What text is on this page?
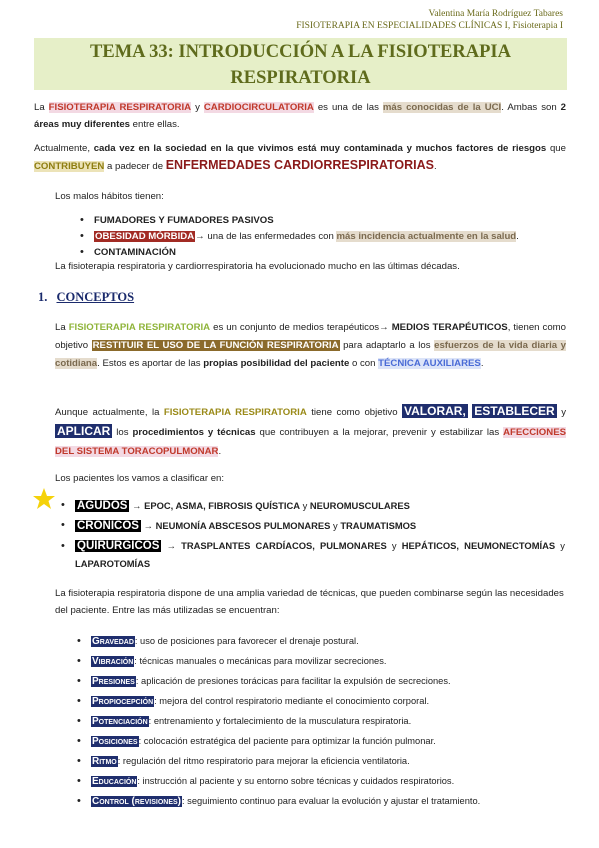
Valentina María Rodríguez Tabares
FISIOTERAPIA EN ESPECIALIDADES CLÍNICAS I, Fisioterapia I
TEMA 33: INTRODUCCIÓN A LA FISIOTERAPIA
RESPIRATORIA

La FISIOTERAPIA RESPIRATORIA y CARDIOCIRCULATORIA es una de las más conocidas de la UCI. Ambas son 2 áreas muy diferentes entre ellas.

Actualmente, cada vez en la sociedad en la que vivimos está muy contaminada y muchos factores de riesgos que CONTRIBUYEN a padecer de ENFERMEDADES CARDIORRESPIRATORIAS.

Los malos hábitos tienen:

• FUMADORES Y FUMADORES PASIVOS
• OBESIDAD MÓRBIDA→ una de las enfermedades con más incidencia actualmente en la salud.
• CONTAMINACIÓN

La fisioterapia respiratoria y cardiorrespiratoria ha evolucionado mucho en las últimas décadas.

1. CONCEPTOS

La FISIOTERAPIA RESPIRATORIA es un conjunto de medios terapéuticos→ MEDIOS TERAPÉUTICOS, tienen como objetivo RESTITUIR EL USO DE LA FUNCIÓN RESPIRATORIA para adaptarlo a los esfuerzos de la vida diaria y cotidiana. Estos es aportar de las propias posibilidad del paciente o con TÉCNICA AUXILIARES.

Aunque actualmente, la FISIOTERAPIA RESPIRATORIA tiene como objetivo VALORAR, ESTABLECER y APLICAR los procedimientos y técnicas que contribuyen a la mejorar, prevenir y estabilizar las AFECCIONES DEL SISTEMA TORACOPULMONAR.

Los pacientes los vamos a clasificar en:

• AGUDOS → EPOC, ASMA, FIBROSIS QUÍSTICA y NEUROMUSCULARES
• CRÓNICOS → NEUMONÍA ABSCESOS PULMONARES y TRAUMATISMOS
• QUIRÚRGICOS → TRASPLANTES CARDÍACOS, PULMONARES y HEPÁTICOS, NEUMONECTOMÍAS y LAPAROTOMÍAS

La fisioterapia respiratoria dispone de una amplia variedad de técnicas, que pueden combinarse según las necesidades del paciente. Entre las más utilizadas se encuentran:

• Gravedad: uso de posiciones para favorecer el drenaje postural.
• Vibración: técnicas manuales o mecánicas para movilizar secreciones.
• Presiones: aplicación de presiones torácicas para facilitar la expulsión de secreciones.
• Propiocepción: mejora del control respiratorio mediante el conocimiento corporal.
• Potenciación: entrenamiento y fortalecimiento de la musculatura respiratoria.
• Posiciones: colocación estratégica del paciente para optimizar la función pulmonar.
• Ritmo: regulación del ritmo respiratorio para mejorar la eficiencia ventilatoria.
• Educación: instrucción al paciente y su entorno sobre técnicas y cuidados respiratorios.
• Control (revisiones): seguimiento continuo para evaluar la evolución y ajustar el tratamiento.
